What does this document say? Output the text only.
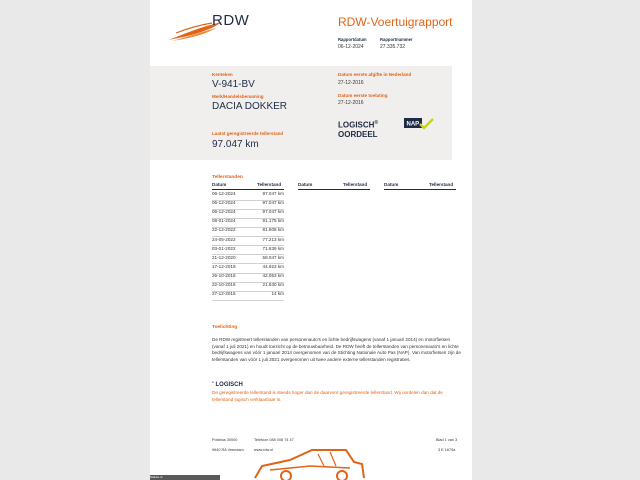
RDW	RDW-Voertuigrapport
Rapportdatum
06-12-2024
Rapportnummer
27.335.732
Kenteken
V-941-BV
Merk/Handelsbenaming
DACIA DOKKER
Laatst geregistreerde tellerstand
97.047 km
Datum eerste afgifte in Nederland
27-12-2016
Datum eerste toelating
27-12-2016
LOGISCH®
OORDEEL
NAP
Tellerstanden
Datum	Tellerstand	Datum	Tellerstand	Datum	Tellerstand
Toelichting

De RDW registreert tellerstanden van personenauto's en lichte bedrijfswagens (vanaf 1 januari 2014) en motorfietsen (vanaf 1 juli 2021) en houdt toezicht op de betrouwbaarheid. De RDW heeft de tellerstanden van personenauto's en lichte bedrijfswagens van vóór 1 januari 2014 overgenomen van de Stichting Nationale Auto Pas (NAP). Van motorfietsen zijn de tellerstanden van vóór 1 juli 2021 overgenomen uit twee andere externe tellerstanden registraties.

● LOGISCH
De geregistreerde tellerstand is steeds hoger dan de daarvoor geregistreerde tellerstand. Wij oordelen dan dat de tellerstand logisch verklaarbaar is.
Postbus 30000
9640 RA Veendam
Telefoon 088 008 74 47
www.rdw.nl
Blad 1 van 3
3 E 1679a
06-12-2024	97.047 km
06-12-2024	97.047 km
06-12-2024	97.047 km
08-01-2024	91.175 km
22-12-2022	81.608 km
24-05-2022	77.213 km
03-01-2022	71.839 km
21-12-2020	58.047 km
17-12-2019	44.923 km
26-10-2018	42.053 km
22-10-2016	21.630 km
27-12-2016	14 km
Stanks.nl
